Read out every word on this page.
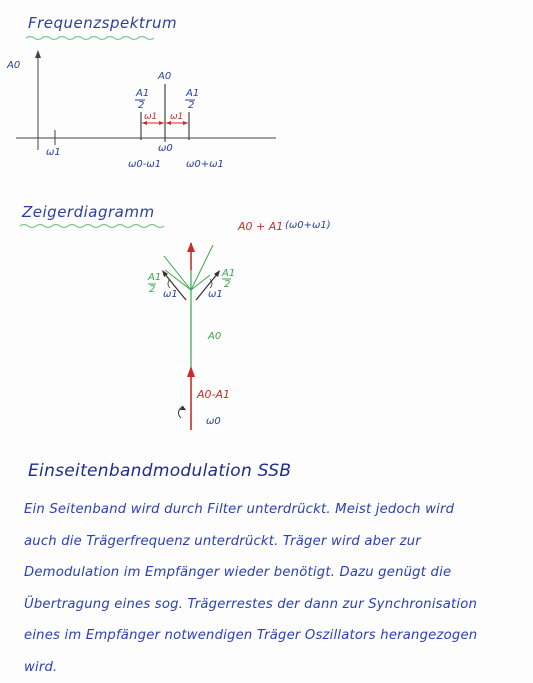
Frequenzspektrum
Zeigerdiagramm
A0
A0
A1
2
A1
2
ω1 ω1
ω1	ω0
ω0-ω1 ω0+ω1
A0 + A1 (ω0+ω1)
A1
2
A1
2
ω1	ω1
A0
A0-A1
ω0
Einseitenbandmodulation SSB
Ein Seitenband wird durch Filter unterdrückt. Meist jedoch wird
auch die Trägerfrequenz unterdrückt. Träger wird aber zur
Demodulation im Empfänger wieder benötigt. Dazu genügt die
Übertragung eines sog. Trägerrestes der dann zur Synchronisation
eines im Empfänger notwendigen Träger Oszillators herangezogen
wird.
